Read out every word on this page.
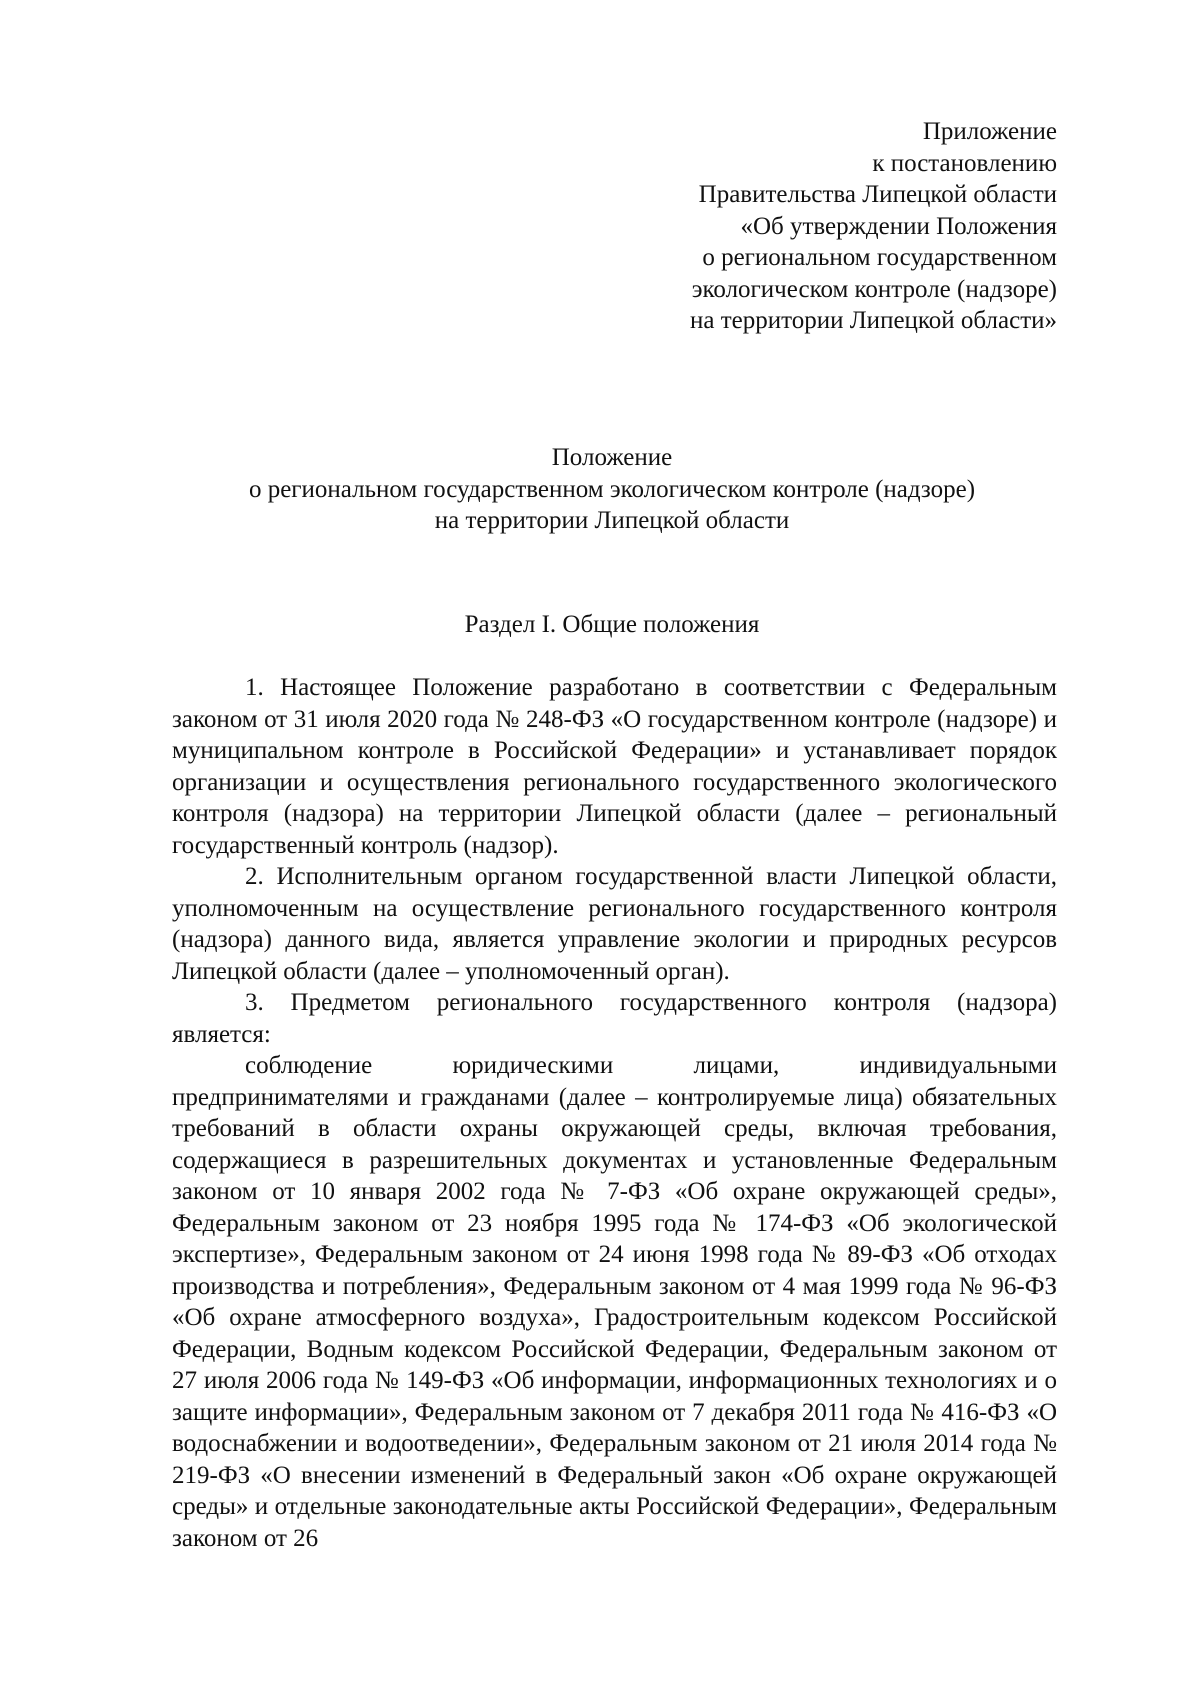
Приложение
к постановлению
Правительства Липецкой области
«Об утверждении Положения
о региональном государственном
экологическом контроле (надзоре)
на территории Липецкой области»
Положение
о региональном государственном экологическом контроле (надзоре)
на территории Липецкой области
Раздел I. Общие положения

1. Настоящее Положение разработано в соответствии с Федеральным законом от 31 июля 2020 года № 248-ФЗ «О государственном контроле (надзоре) и муниципальном контроле в Российской Федерации» и устанавливает порядок организации и осуществления регионального государственного экологического контроля (надзора) на территории Липецкой области (далее – региональный государственный контроль (надзор).

2. Исполнительным органом государственной власти Липецкой области, уполномоченным на осуществление регионального государственного контроля (надзора) данного вида, является управление экологии и природных ресурсов Липецкой области (далее – уполномоченный орган).

3. Предметом регионального государственного контроля (надзора) является:

соблюдение юридическими лицами, индивидуальными предпринимателями и гражданами (далее – контролируемые лица) обязательных требований в области охраны окружающей среды, включая требования, содержащиеся в разрешительных документах и установленные Федеральным законом от 10 января 2002 года № 7-ФЗ «Об охране окружающей среды», Федеральным законом от 23 ноября 1995 года № 174-ФЗ «Об экологической экспертизе», Федеральным законом от 24 июня 1998 года № 89-ФЗ «Об отходах производства и потребления», Федеральным законом от 4 мая 1999 года № 96-ФЗ «Об охране атмосферного воздуха», Градостроительным кодексом Российской Федерации, Водным кодексом Российской Федерации, Федеральным законом от 27 июля 2006 года № 149-ФЗ «Об информации, информационных технологиях и о защите информации», Федеральным законом от 7 декабря 2011 года № 416-ФЗ «О водоснабжении и водоотведении», Федеральным законом от 21 июля 2014 года № 219-ФЗ «О внесении изменений в Федеральный закон «Об охране окружающей среды» и отдельные законодательные акты Российской Федерации», Федеральным законом от 26
